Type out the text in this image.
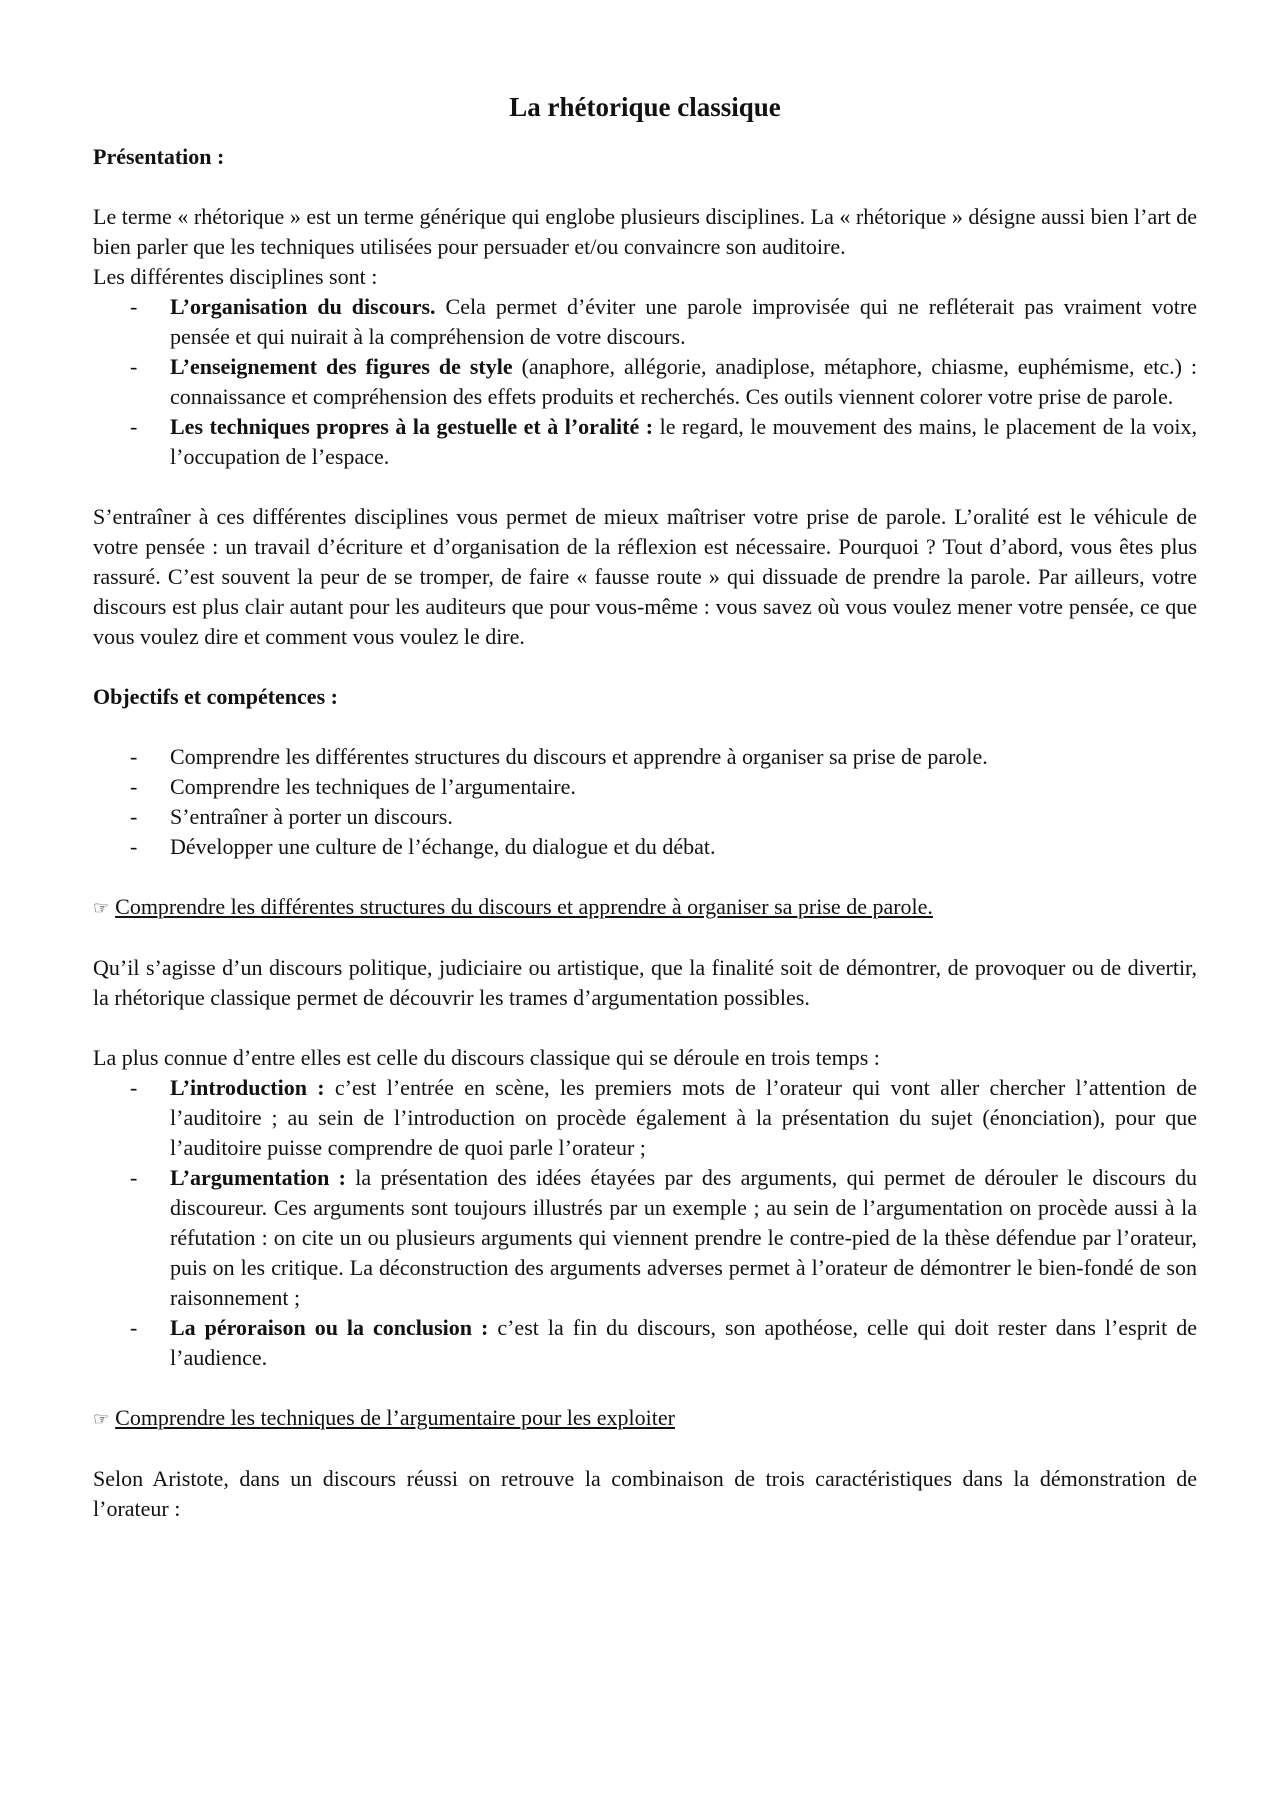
La rhétorique classique
Présentation :

Le terme « rhétorique » est un terme générique qui englobe plusieurs disciplines. La « rhétorique » désigne aussi bien l’art de bien parler que les techniques utilisées pour persuader et/ou convaincre son auditoire.

Les différentes disciplines sont :

- L’organisation du discours. Cela permet d’éviter une parole improvisée qui ne refléterait pas vraiment votre pensée et qui nuirait à la compréhension de votre discours.
- L’enseignement des figures de style (anaphore, allégorie, anadiplose, métaphore, chiasme, euphémisme, etc.) : connaissance et compréhension des effets produits et recherchés. Ces outils viennent colorer votre prise de parole.
- Les techniques propres à la gestuelle et à l’oralité : le regard, le mouvement des mains, le placement de la voix, l’occupation de l’espace.

S’entraîner à ces différentes disciplines vous permet de mieux maîtriser votre prise de parole. L’oralité est le véhicule de votre pensée : un travail d’écriture et d’organisation de la réflexion est nécessaire. Pourquoi ? Tout d’abord, vous êtes plus rassuré. C’est souvent la peur de se tromper, de faire « fausse route » qui dissuade de prendre la parole. Par ailleurs, votre discours est plus clair autant pour les auditeurs que pour vous-même : vous savez où vous voulez mener votre pensée, ce que vous voulez dire et comment vous voulez le dire.

Objectifs et compétences :
- Comprendre les différentes structures du discours et apprendre à organiser sa prise de parole.
- Comprendre les techniques de l’argumentaire.
- S’entraîner à porter un discours.
- Développer une culture de l’échange, du dialogue et du débat.

☞ Comprendre les différentes structures du discours et apprendre à organiser sa prise de parole.

Qu’il s’agisse d’un discours politique, judiciaire ou artistique, que la finalité soit de démontrer, de provoquer ou de divertir, la rhétorique classique permet de découvrir les trames d’argumentation possibles.

La plus connue d’entre elles est celle du discours classique qui se déroule en trois temps :

- L’introduction : c’est l’entrée en scène, les premiers mots de l’orateur qui vont aller chercher l’attention de l’auditoire ; au sein de l’introduction on procède également à la présentation du sujet (énonciation), pour que l’auditoire puisse comprendre de quoi parle l’orateur ;
- L’argumentation : la présentation des idées étayées par des arguments, qui permet de dérouler le discours du discoureur. Ces arguments sont toujours illustrés par un exemple ; au sein de l’argumentation on procède aussi à la réfutation : on cite un ou plusieurs arguments qui viennent prendre le contre-pied de la thèse défendue par l’orateur, puis on les critique. La déconstruction des arguments adverses permet à l’orateur de démontrer le bien-fondé de son raisonnement ;
- La péroraison ou la conclusion : c’est la fin du discours, son apothéose, celle qui doit rester dans l’esprit de l’audience.

☞ Comprendre les techniques de l’argumentaire pour les exploiter

Selon Aristote, dans un discours réussi on retrouve la combinaison de trois caractéristiques dans la démonstration de l’orateur :
